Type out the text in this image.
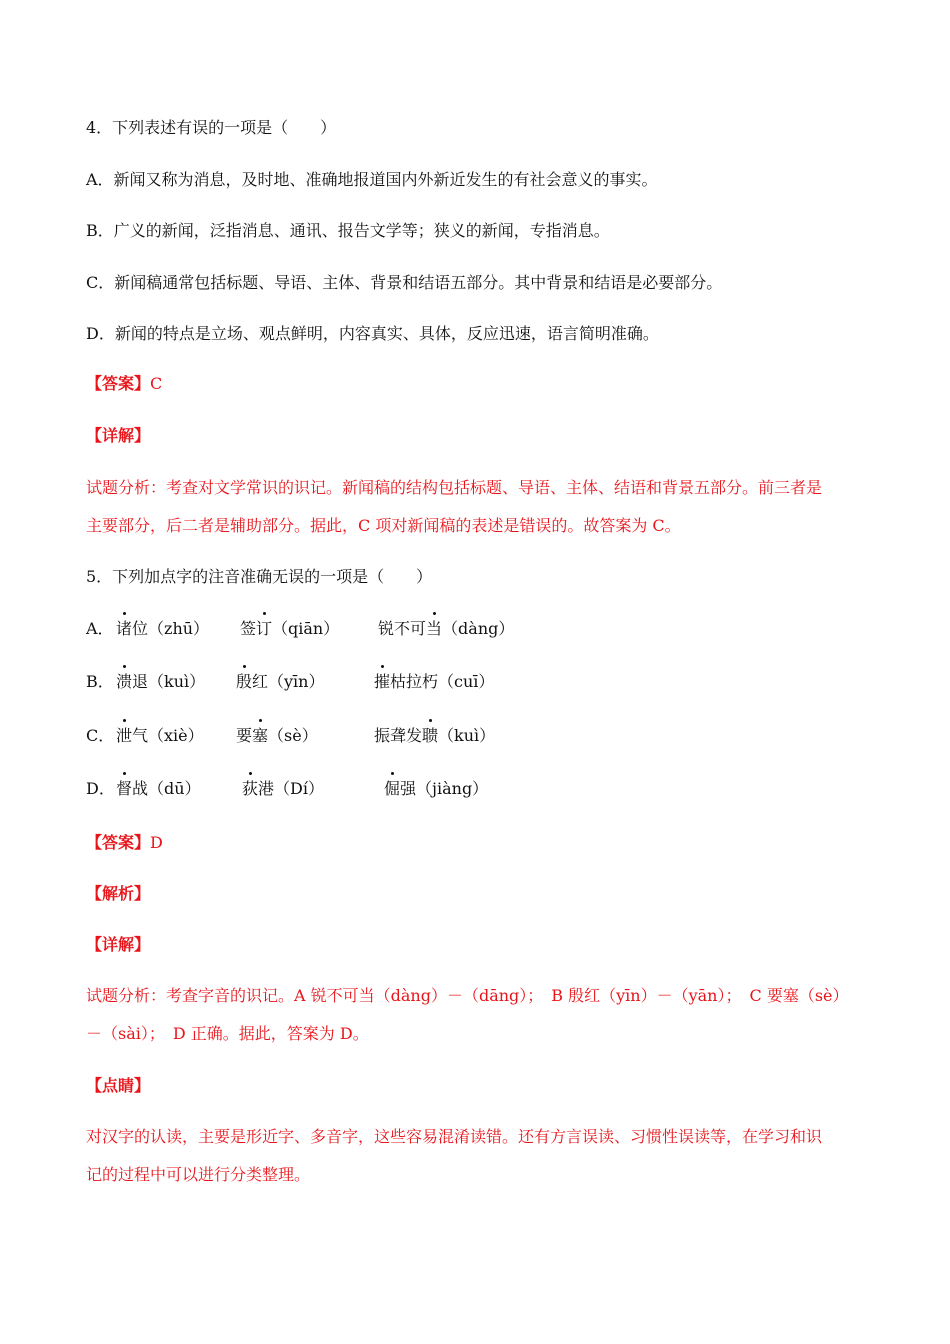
4．下列表述有误的一项是（　　）
A．新闻又称为消息，及时地、准确地报道国内外新近发生的有社会意义的事实。
B．广义的新闻，泛指消息、通讯、报告文学等；狭义的新闻，专指消息。
C．新闻稿通常包括标题、导语、主体、背景和结语五部分。其中背景和结语是必要部分。
D．新闻的特点是立场、观点鲜明，内容真实、具体，反应迅速，语言简明准确。
【答案】C
【详解】
试题分析：考查对文学常识的识记。新闻稿的结构包括标题、导语、主体、结语和背景五部分。前三者是
主要部分，后二者是辅助部分。据此，C 项对新闻稿的表述是错误的。故答案为 C。
5．下列加点字的注音准确无误的一项是（　　）
A． 诸位（zhū） 签订（qiān） 锐不可当（dàng）
B． 溃退（kuì） 殷红（yīn）	摧枯拉朽（cuī）
C． 泄气（xiè） 要塞（sè）	振聋发聩（kuì）
D． 督战（dū）	荻港（Dí）	倔强（jiàng）
【答案】D
【解析】
【详解】
试题分析：考查字音的识记。A 锐不可当（dàng）－（dāng）；　B 殷红（yīn）－（yān）；　C 要塞（sè）
－（sài）；　D 正确。据此，答案为 D。
【点睛】
对汉字的认读，主要是形近字、多音字，这些容易混淆读错。还有方言误读、习惯性误读等，在学习和识
记的过程中可以进行分类整理。
